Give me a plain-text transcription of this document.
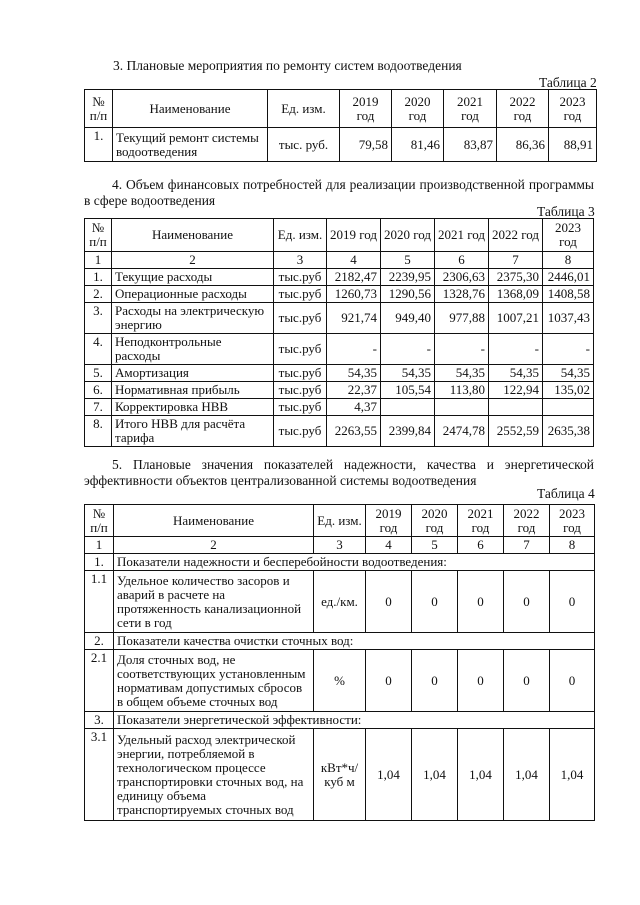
3. Плановые мероприятия по ремонту систем водоотведения
Таблица 2
№ п/п	Наименование	Ед. изм.	2019 год	2020 год	2021 год	2022 год	2023 год
1.	Текущий ремонт системы водоотведения	тыс. руб.	79,58	81,46	83,87	86,36	88,91
4. Объем финансовых потребностей для реализации производственной программы в сфере водоотведения
Таблица 3
№ п/п	Наименование	Ед. изм.	2019 год	2020 год	2021 год	2022 год	2023 год
1	2	3	4	5	6	7	8
1.	Текущие расходы	тыс.руб	2182,47	2239,95	2306,63	2375,30	2446,01
2.	Операционные расходы	тыс.руб	1260,73	1290,56	1328,76	1368,09	1408,58
3.	Расходы на электрическую энергию	тыс.руб	921,74	949,40	977,88	1007,21	1037,43
4.	Неподконтрольные расходы	тыс.руб	-	-	-	-	-
5.	Амортизация	тыс.руб	54,35	54,35	54,35	54,35	54,35
6.	Нормативная прибыль	тыс.руб	22,37	105,54	113,80	122,94	135,02
7.	Корректировка НВВ	тыс.руб	4,37				
8.	Итого НВВ для расчёта тарифа	тыс.руб	2263,55	2399,84	2474,78	2552,59	2635,38
5. Плановые значения показателей надежности, качества и энергетической эффективности объектов централизованной системы водоотведения
Таблица 4
№ п/п	Наименование	Ед. изм.	2019 год	2020 год	2021 год	2022 год	2023 год
1	2	3	4	5	6	7	8
1.	Показатели надежности и бесперебойности водоотведения:						
1.1	Удельное количество засоров и аварий в расчете на протяженность канализационной сети в год	ед./км.	0	0	0	0	0
2.	Показатели качества очистки сточных вод:						
2.1	Доля сточных вод, не соответствующих установленным нормативам допустимых сбросов в общем объеме сточных вод	%	0	0	0	0	0
3.	Показатели энергетической эффективности:						
3.1	Удельный расход электрической энергии, потребляемой в технологическом процессе транспортировки сточных вод, на единицу объема транспортируемых сточных вод	кВт*ч/ куб м	1,04	1,04	1,04	1,04	1,04
